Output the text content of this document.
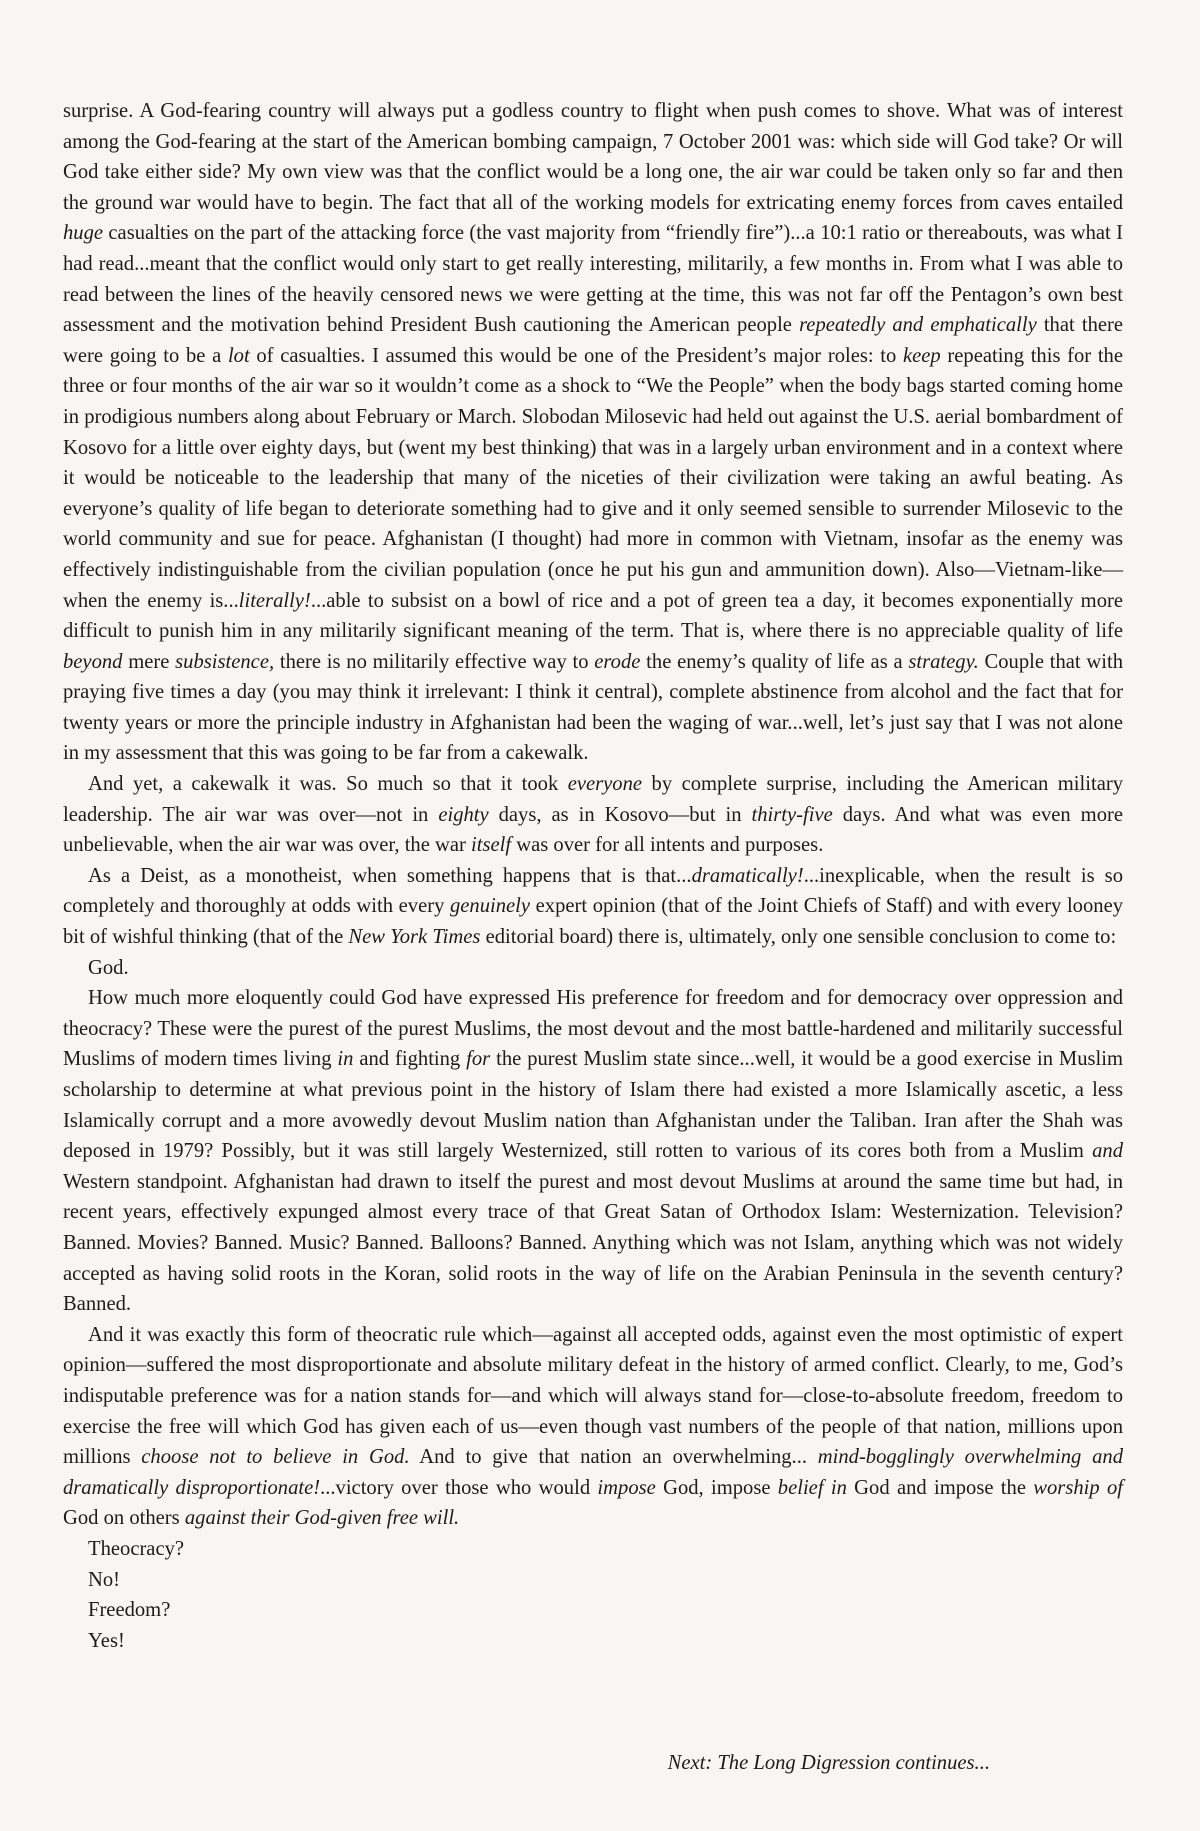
surprise. A God-fearing country will always put a godless country to flight when push comes to shove. What was of interest among the God-fearing at the start of the American bombing campaign, 7 October 2001 was: which side will God take? Or will God take either side? My own view was that the conflict would be a long one, the air war could be taken only so far and then the ground war would have to begin. The fact that all of the working models for extricating enemy forces from caves entailed huge casualties on the part of the attacking force (the vast majority from “friendly fire”)...a 10:1 ratio or thereabouts, was what I had read...meant that the conflict would only start to get really interesting, militarily, a few months in. From what I was able to read between the lines of the heavily censored news we were getting at the time, this was not far off the Pentagon’s own best assessment and the motivation behind President Bush cautioning the American people repeatedly and emphatically that there were going to be a lot of casualties. I assumed this would be one of the President’s major roles: to keep repeating this for the three or four months of the air war so it wouldn’t come as a shock to “We the People” when the body bags started coming home in prodigious numbers along about February or March. Slobodan Milosevic had held out against the U.S. aerial bombardment of Kosovo for a little over eighty days, but (went my best thinking) that was in a largely urban environment and in a context where it would be noticeable to the leadership that many of the niceties of their civilization were taking an awful beating. As everyone’s quality of life began to deteriorate something had to give and it only seemed sensible to surrender Milosevic to the world community and sue for peace. Afghanistan (I thought) had more in common with Vietnam, insofar as the enemy was effectively indistinguishable from the civilian population (once he put his gun and ammunition down). Also—Vietnam-like—when the enemy is...literally!...able to subsist on a bowl of rice and a pot of green tea a day, it becomes exponentially more difficult to punish him in any militarily significant meaning of the term. That is, where there is no appreciable quality of life beyond mere subsistence, there is no militarily effective way to erode the enemy’s quality of life as a strategy. Couple that with praying five times a day (you may think it irrelevant: I think it central), complete abstinence from alcohol and the fact that for twenty years or more the principle industry in Afghanistan had been the waging of war...well, let’s just say that I was not alone in my assessment that this was going to be far from a cakewalk.

And yet, a cakewalk it was. So much so that it took everyone by complete surprise, including the American military leadership. The air war was over—not in eighty days, as in Kosovo—but in thirty-five days. And what was even more unbelievable, when the air war was over, the war itself was over for all intents and purposes.

As a Deist, as a monotheist, when something happens that is that...dramatically!...inexplicable, when the result is so completely and thoroughly at odds with every genuinely expert opinion (that of the Joint Chiefs of Staff) and with every looney bit of wishful thinking (that of the New York Times editorial board) there is, ultimately, only one sensible conclusion to come to:

God.

How much more eloquently could God have expressed His preference for freedom and for democracy over oppression and theocracy? These were the purest of the purest Muslims, the most devout and the most battle-hardened and militarily successful Muslims of modern times living in and fighting for the purest Muslim state since...well, it would be a good exercise in Muslim scholarship to determine at what previous point in the history of Islam there had existed a more Islamically ascetic, a less Islamically corrupt and a more avowedly devout Muslim nation than Afghanistan under the Taliban. Iran after the Shah was deposed in 1979? Possibly, but it was still largely Westernized, still rotten to various of its cores both from a Muslim and Western standpoint. Afghanistan had drawn to itself the purest and most devout Muslims at around the same time but had, in recent years, effectively expunged almost every trace of that Great Satan of Orthodox Islam: Westernization. Television? Banned. Movies? Banned. Music? Banned. Balloons? Banned. Anything which was not Islam, anything which was not widely accepted as having solid roots in the Koran, solid roots in the way of life on the Arabian Peninsula in the seventh century? Banned.

And it was exactly this form of theocratic rule which—against all accepted odds, against even the most optimistic of expert opinion—suffered the most disproportionate and absolute military defeat in the history of armed conflict. Clearly, to me, God’s indisputable preference was for a nation stands for—and which will always stand for—close-to-absolute freedom, freedom to exercise the free will which God has given each of us—even though vast numbers of the people of that nation, millions upon millions choose not to believe in God. And to give that nation an overwhelming... mind-bogglingly overwhelming and dramatically disproportionate!...victory over those who would impose God, impose belief in God and impose the worship of God on others against their God-given free will.

Theocracy?

No!

Freedom?

Yes!

Next: The Long Digression continues...
